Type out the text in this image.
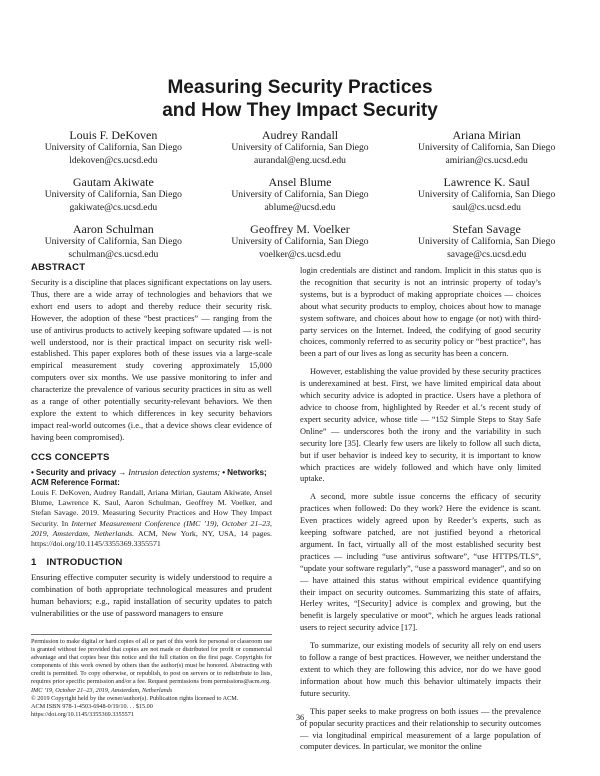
Measuring Security Practices
and How They Impact Security
Louis F. DeKoven
University of California, San Diego
ldekoven@cs.ucsd.edu
Audrey Randall
University of California, San Diego
aurandal@eng.ucsd.edu
Ariana Mirian
University of California, San Diego
amirian@cs.ucsd.edu
Gautam Akiwate
University of California, San Diego
gakiwate@cs.ucsd.edu
Ansel Blume
University of California, San Diego
ablume@ucsd.edu
Lawrence K. Saul
University of California, San Diego
saul@cs.ucsd.edu
Aaron Schulman
University of California, San Diego
schulman@cs.ucsd.edu
Geoffrey M. Voelker
University of California, San Diego
voelker@cs.ucsd.edu
Stefan Savage
University of California, San Diego
savage@cs.ucsd.edu
ABSTRACT

Security is a discipline that places significant expectations on lay users. Thus, there are a wide array of technologies and behaviors that we exhort end users to adopt and thereby reduce their security risk. However, the adoption of these “best practices” — ranging from the use of antivirus products to actively keeping software updated — is not well understood, nor is their practical impact on security risk well-established. This paper explores both of these issues via a large-scale empirical measurement study covering approximately 15,000 computers over six months. We use passive monitoring to infer and characterize the prevalence of various security practices in situ as well as a range of other potentially security-relevant behaviors. We then explore the extent to which differences in key security behaviors impact real-world outcomes (i.e., that a device shows clear evidence of having been compromised).

CCS CONCEPTS

• Security and privacy → Intrusion detection systems; • Networks;

ACM Reference Format:

Louis F. DeKoven, Audrey Randall, Ariana Mirian, Gautam Akiwate, Ansel Blume, Lawrence K. Saul, Aaron Schulman, Geoffrey M. Voelker, and Stefan Savage. 2019. Measuring Security Practices and How They Impact Security. In Internet Measurement Conference (IMC ’19), October 21–23, 2019, Amsterdam, Netherlands. ACM, New York, NY, USA, 14 pages. https://doi.org/10.1145/3355369.3355571

1 INTRODUCTION

Ensuring effective computer security is widely understood to require a combination of both appropriate technological measures and prudent human behaviors; e.g., rapid installation of security updates to patch vulnerabilities or the use of password managers to ensure

Permission to make digital or hard copies of all or part of this work for personal or classroom use is granted without fee provided that copies are not made or distributed for profit or commercial advantage and that copies bear this notice and the full citation on the first page. Copyrights for components of this work owned by others than the author(s) must be honored. Abstracting with credit is permitted. To copy otherwise, or republish, to post on servers or to redistribute to lists, requires prior specific permission and/or a fee. Request permissions from permissions@acm.org.

IMC ’19, October 21–23, 2019, Amsterdam, Netherlands

© 2019 Copyright held by the owner/author(s). Publication rights licensed to ACM.

ACM ISBN 978-1-4503-6948-0/19/10. . . $15.00

https://doi.org/10.1145/3355369.3355571

login credentials are distinct and random. Implicit in this status quo is the recognition that security is not an intrinsic property of today’s systems, but is a byproduct of making appropriate choices — choices about what security products to employ, choices about how to manage system software, and choices about how to engage (or not) with third-party services on the Internet. Indeed, the codifying of good security choices, commonly referred to as security policy or “best practice”, has been a part of our lives as long as security has been a concern.

However, establishing the value provided by these security practices is underexamined at best. First, we have limited empirical data about which security advice is adopted in practice. Users have a plethora of advice to choose from, highlighted by Reeder et al.’s recent study of expert security advice, whose title — “152 Simple Steps to Stay Safe Online” — underscores both the irony and the variability in such security lore [35]. Clearly few users are likely to follow all such dicta, but if user behavior is indeed key to security, it is important to know which practices are widely followed and which have only limited uptake.

A second, more subtle issue concerns the efficacy of security practices when followed: Do they work? Here the evidence is scant. Even practices widely agreed upon by Reeder’s experts, such as keeping software patched, are not justified beyond a rhetorical argument. In fact, virtually all of the most established security best practices — including “use antivirus software”, “use HTTPS/TLS”, “update your software regularly”, “use a password manager”, and so on — have attained this status without empirical evidence quantifying their impact on security outcomes. Summarizing this state of affairs, Herley writes, “[Security] advice is complex and growing, but the benefit is largely speculative or moot”, which he argues leads rational users to reject security advice [17].

To summarize, our existing models of security all rely on end users to follow a range of best practices. However, we neither understand the extent to which they are following this advice, nor do we have good information about how much this behavior ultimately impacts their future security.

This paper seeks to make progress on both issues — the prevalence of popular security practices and their relationship to security outcomes — via longitudinal empirical measurement of a large population of computer devices. In particular, we monitor the online

36
